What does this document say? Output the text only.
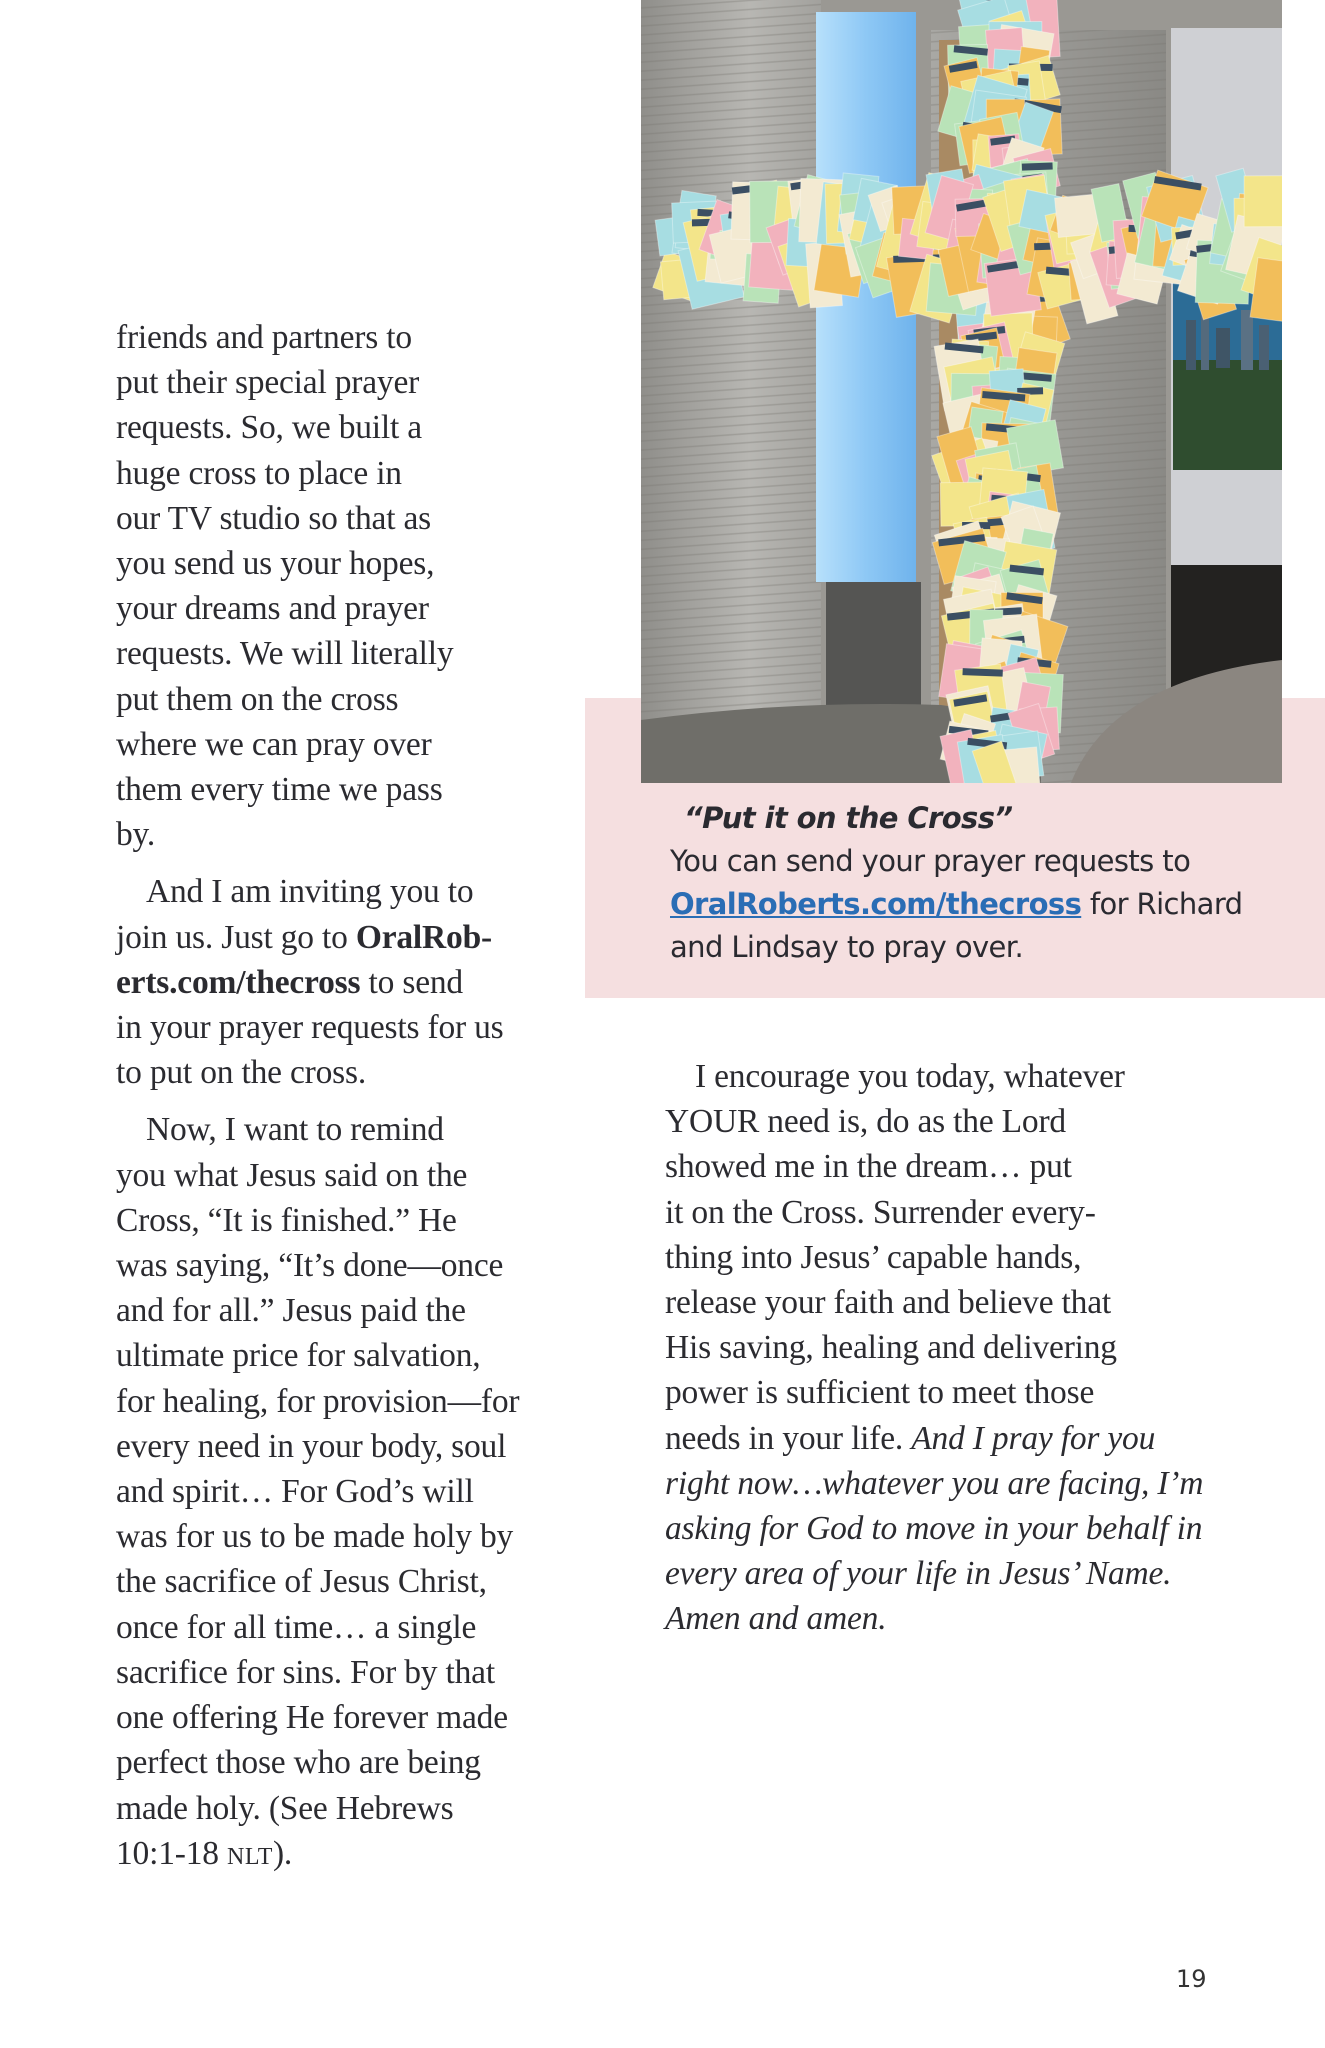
friends and partners to
put their special prayer
requests. So, we built a
huge cross to place in
our TV studio so that as
you send us your hopes,
your dreams and prayer
requests. We will literally
put them on the cross
where we can pray over
them every time we pass
by.
And I am inviting you to
join us. Just go to OralRob-
erts.com/thecross to send
in your prayer requests for us
to put on the cross.
Now, I want to remind
you what Jesus said on the
Cross, “It is finished.” He
was saying, “It’s done—once
and for all.” Jesus paid the
ultimate price for salvation,
for healing, for provision—for
every need in your body, soul
and spirit… For God’s will
was for us to be made holy by
the sacrifice of Jesus Christ,
once for all time… a single
sacrifice for sins. For by that
one offering He forever made
perfect those who are being
made holy. (See Hebrews
10:1-18 NLT).
“Put it on the Cross”
You can send your prayer requests to
OralRoberts.com/thecross for Richard
and Lindsay to pray over.
I encourage you today, whatever
YOUR need is, do as the Lord
showed me in the dream… put
it on the Cross. Surrender every-
thing into Jesus’ capable hands,
release your faith and believe that
His saving, healing and delivering
power is sufficient to meet those
needs in your life. And I pray for you
right now…whatever you are facing, I’m
asking for God to move in your behalf in
every area of your life in Jesus’ Name.
Amen and amen.
19
